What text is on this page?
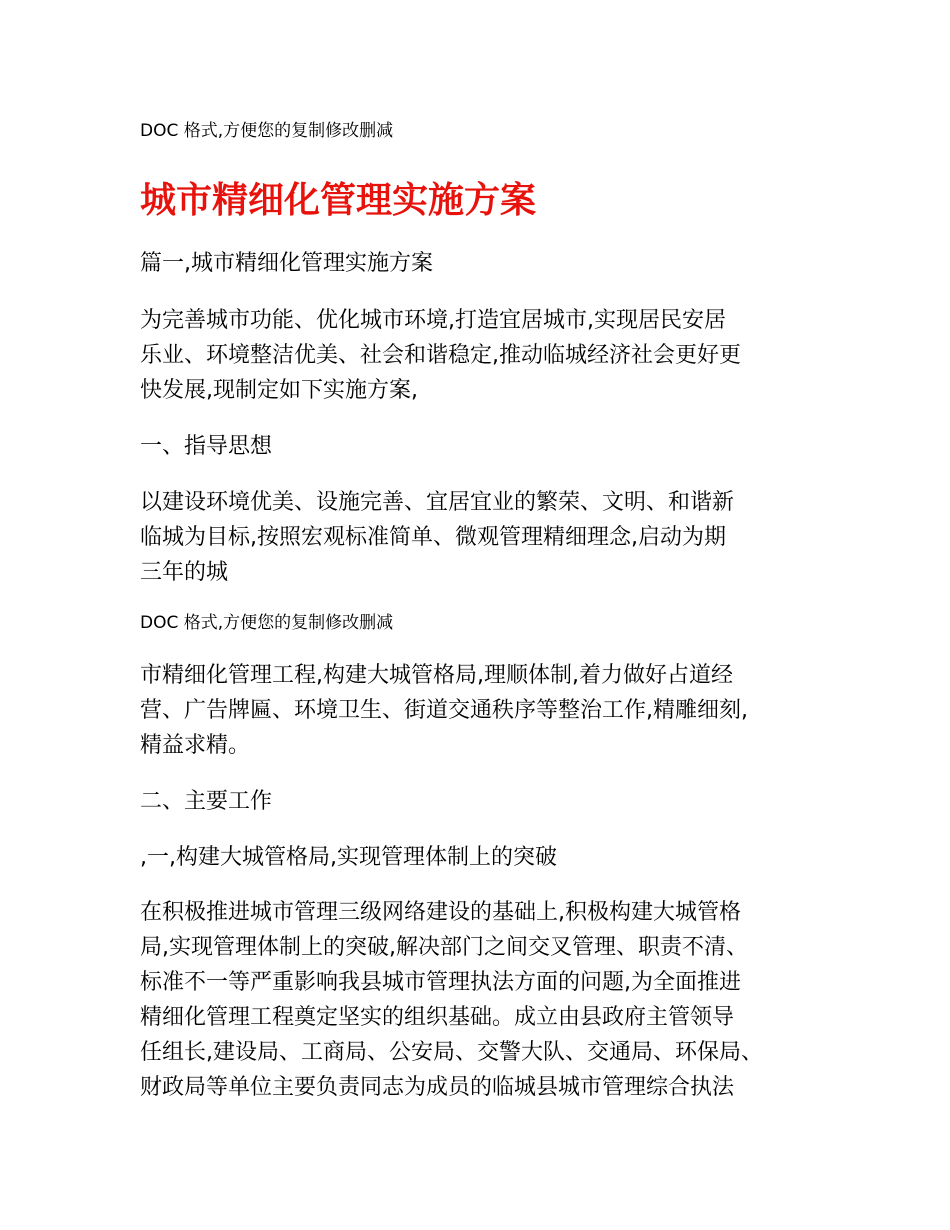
DOC 格式,方便您的复制修改删减
城市精细化管理实施方案
篇一,城市精细化管理实施方案
为完善城市功能、优化城市环境,打造宜居城市,实现居民安居
乐业、环境整洁优美、社会和谐稳定,推动临城经济社会更好更
快发展,现制定如下实施方案,
一、指导思想
以建设环境优美、设施完善、宜居宜业的繁荣、文明、和谐新
临城为目标,按照宏观标准简单、微观管理精细理念,启动为期
三年的城
DOC 格式,方便您的复制修改删减
市精细化管理工程,构建大城管格局,理顺体制,着力做好占道经
营、广告牌匾、环境卫生、街道交通秩序等整治工作,精雕细刻,
精益求精。
二、主要工作
,一,构建大城管格局,实现管理体制上的突破
在积极推进城市管理三级网络建设的基础上,积极构建大城管格
局,实现管理体制上的突破,解决部门之间交叉管理、职责不清、
标准不一等严重影响我县城市管理执法方面的问题,为全面推进
精细化管理工程奠定坚实的组织基础。成立由县政府主管领导
任组长,建设局、工商局、公安局、交警大队、交通局、环保局、
财政局等单位主要负责同志为成员的临城县城市管理综合执法
